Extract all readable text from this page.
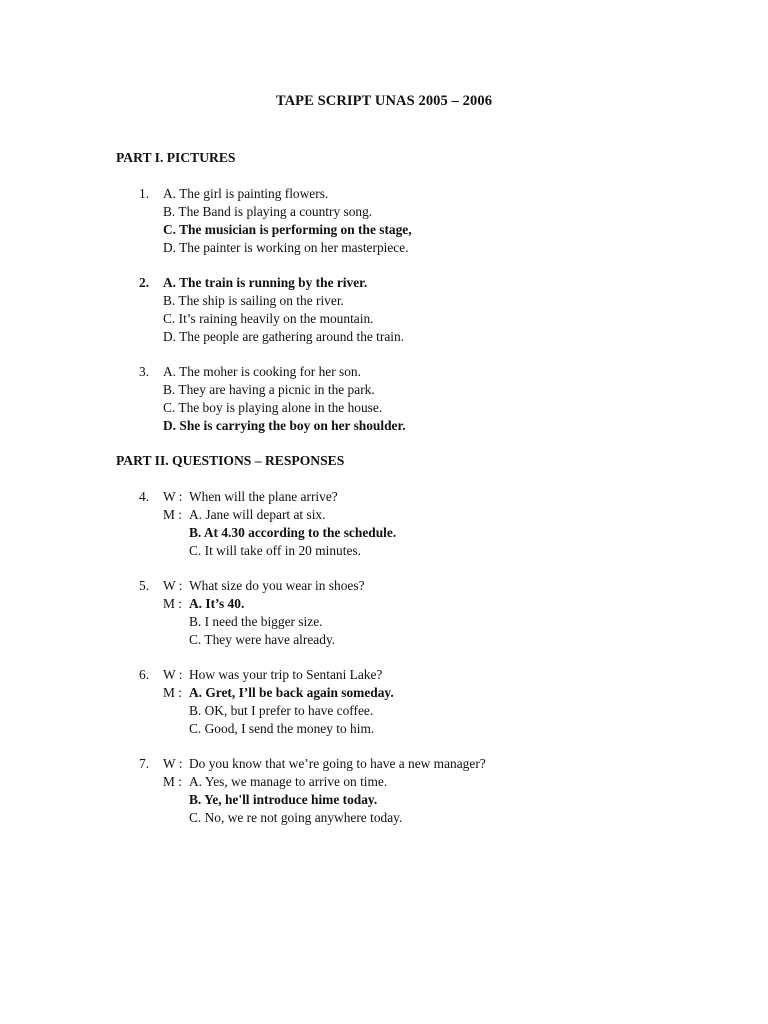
TAPE SCRIPT UNAS 2005 – 2006
PART I. PICTURES
1. A. The girl is painting flowers.
B. The Band is playing a country song.
C. The musician is performing on the stage,
D. The painter is working on her masterpiece.
2. A. The train is running by the river.
B. The ship is sailing on the river.
C. It’s raining heavily on the mountain.
D. The people are gathering around the train.
3. A. The moher is cooking for her son.
B. They are having a picnic in the park.
C. The boy is playing alone in the house.
D. She is carrying the boy on her shoulder.
PART II. QUESTIONS – RESPONSES
4. W : When will the plane arrive?
M : A. Jane will depart at six.
B. At 4.30 according to the schedule.
C. It will take off in 20 minutes.
5. W : What size do you wear in shoes?
M : A. It’s 40.
B. I need the bigger size.
C. They were have already.
6. W : How was your trip to Sentani Lake?
M : A. Gret, I’ll be back again someday.
B. OK, but I prefer to have coffee.
C. Good, I send the money to him.
7. W : Do you know that we’re going to have a new manager?
M : A. Yes, we manage to arrive on time.
B. Ye, he'll introduce hime today.
C. No, we re not going anywhere today.
